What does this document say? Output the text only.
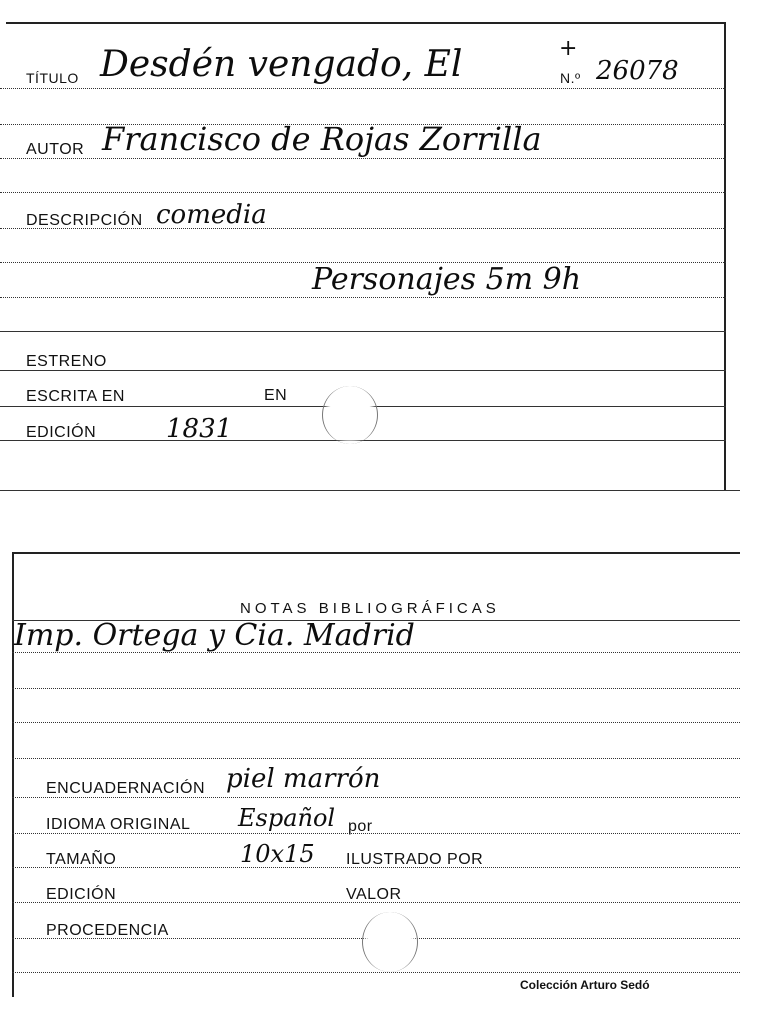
+
TÍTULO Desdén vengado, El	N.º 26078
AUTOR Francisco de Rojas Zorrilla
DESCRIPCIÓN comedia
Personajes 5m 9h
ESTRENO
ESCRITA EN	EN
EDICIÓN	1831
NOTAS BIBLIOGRÁFICAS
Imp. Ortega y Cia. Madrid
ENCUADERNACIÓN piel marrón
IDIOMA ORIGINAL Español por
TAMAÑO	10x15 ILUSTRADO POR
EDICIÓN	VALOR
PROCEDENCIA
Colección Arturo Sedó
